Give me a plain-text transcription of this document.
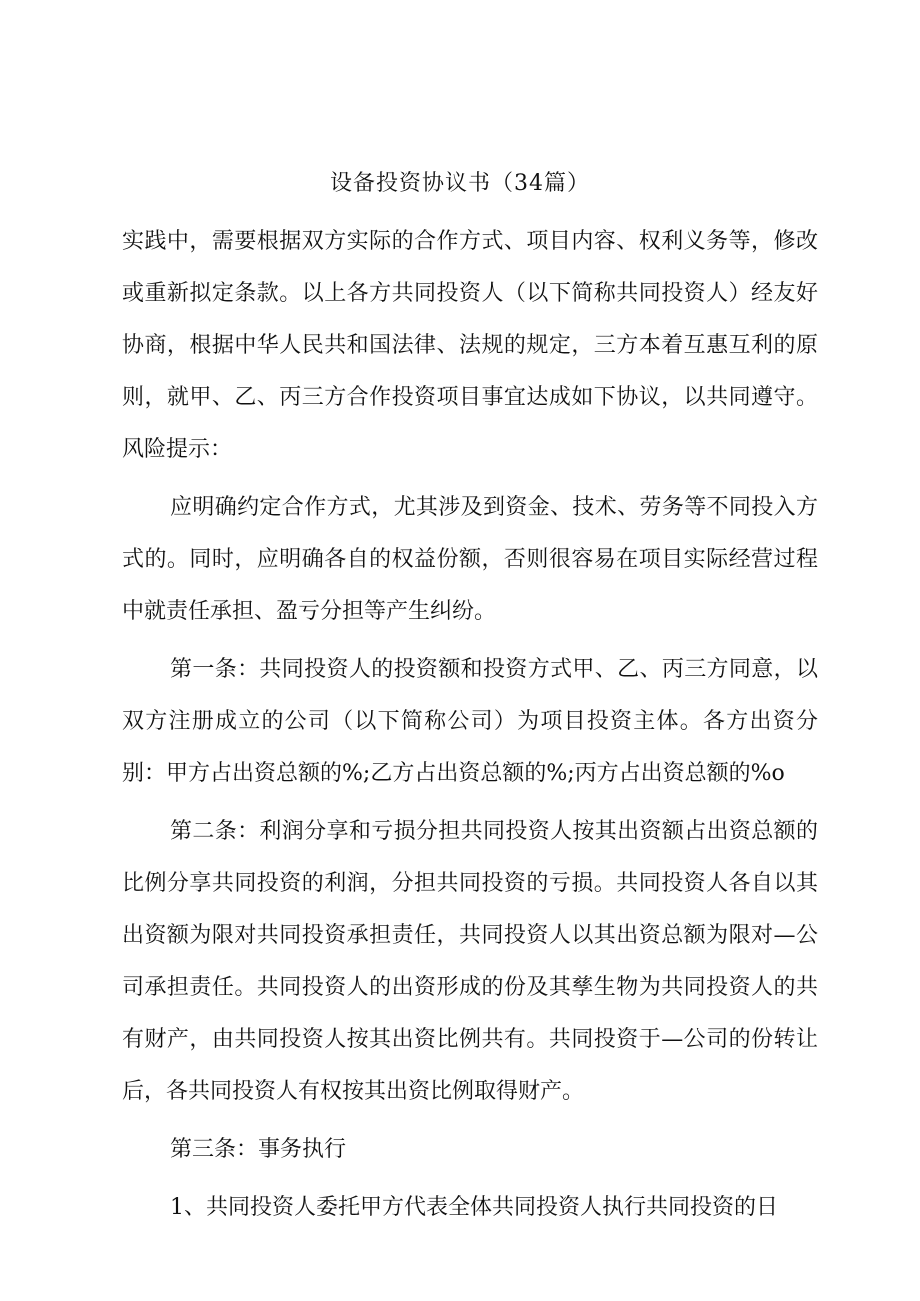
设备投资协议书（34篇）

实践中，需要根据双方实际的合作方式、项目内容、权利义务等，修改或重新拟定条款。以上各方共同投资人（以下简称共同投资人）经友好协商，根据中华人民共和国法律、法规的规定，三方本着互惠互利的原则，就甲、乙、丙三方合作投资项目事宜达成如下协议，以共同遵守。风险提示：

应明确约定合作方式，尤其涉及到资金、技术、劳务等不同投入方式的。同时，应明确各自的权益份额，否则很容易在项目实际经营过程中就责任承担、盈亏分担等产生纠纷。

第一条：共同投资人的投资额和投资方式甲、乙、丙三方同意，以双方注册成立的公司（以下简称公司）为项目投资主体。各方出资分别：甲方占出资总额的%;乙方占出资总额的%;丙方占出资总额的%o

第二条：利润分享和亏损分担共同投资人按其出资额占出资总额的比例分享共同投资的利润，分担共同投资的亏损。共同投资人各自以其出资额为限对共同投资承担责任，共同投资人以其出资总额为限对—公司承担责任。共同投资人的出资形成的份及其孳生物为共同投资人的共有财产，由共同投资人按其出资比例共有。共同投资于—公司的份转让后，各共同投资人有权按其出资比例取得财产。

第三条：事务执行

1、共同投资人委托甲方代表全体共同投资人执行共同投资的日
